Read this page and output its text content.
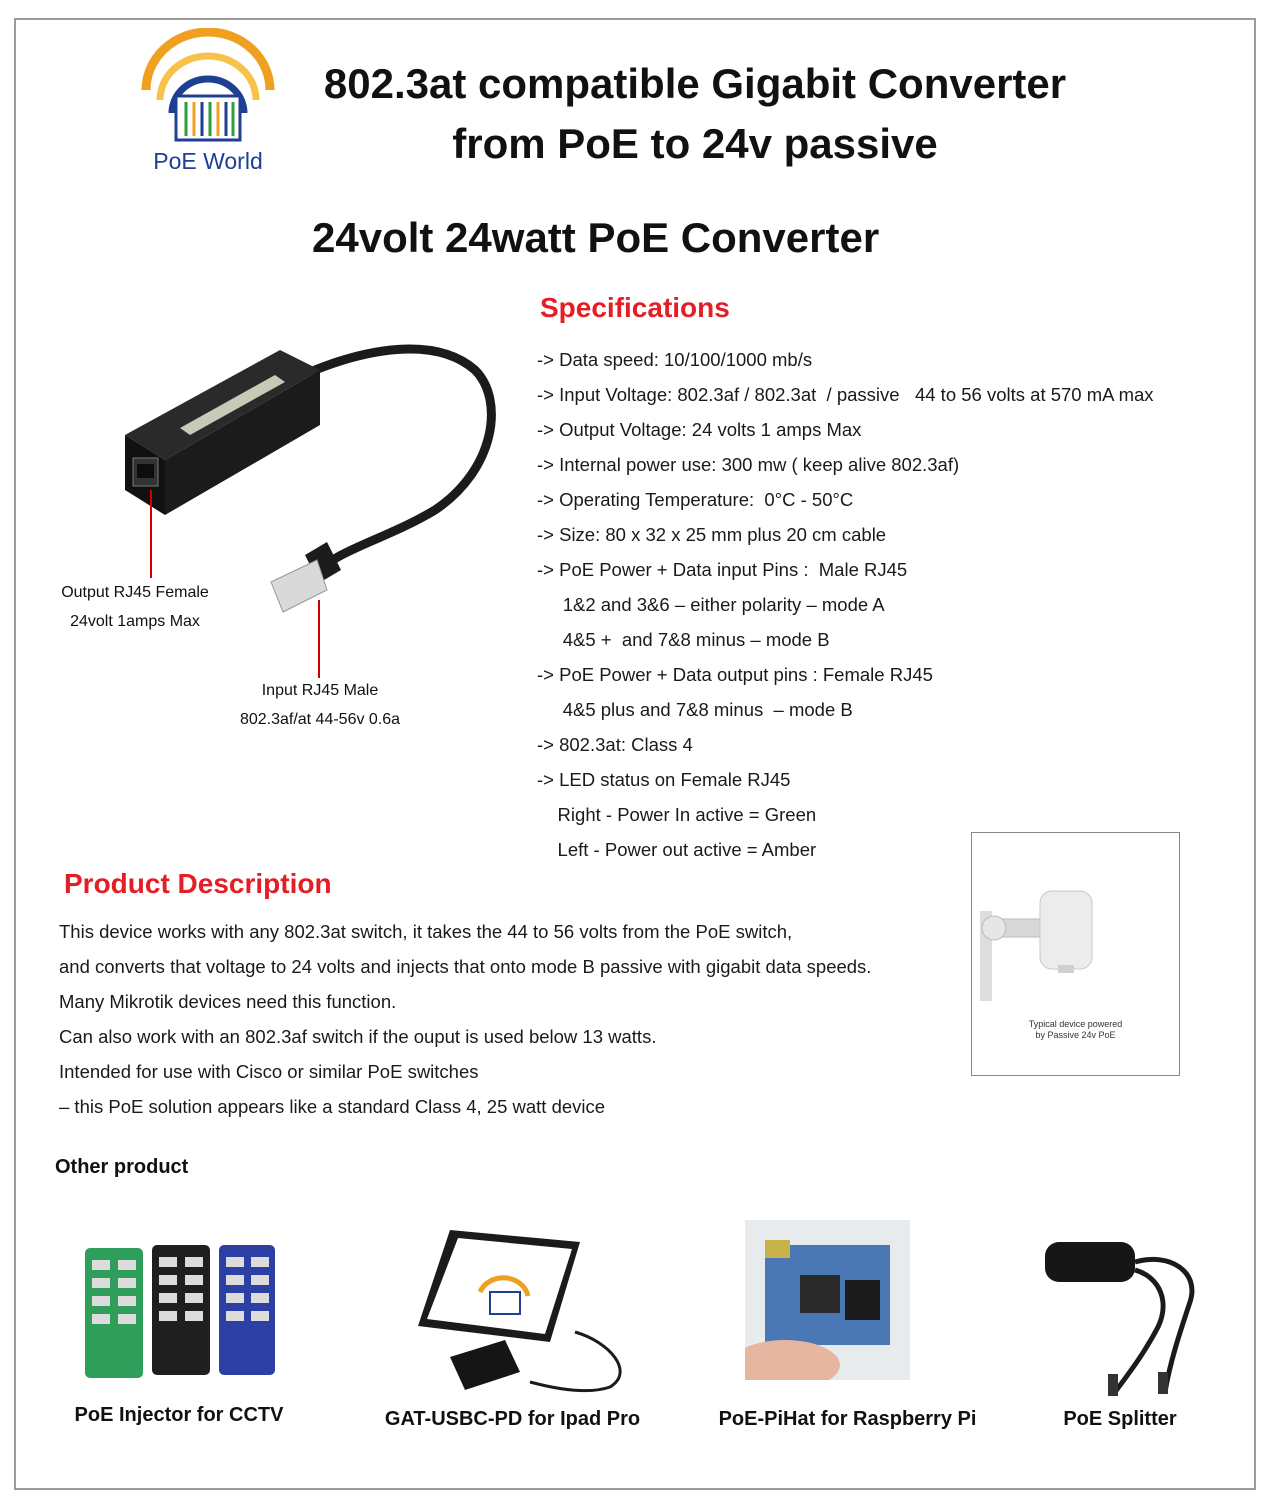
PoE World
802.3at compatible Gigabit Converter
from PoE to 24v passive
24volt 24watt PoE Converter
Output RJ45 Female
24volt 1amps Max
Input RJ45 Male
802.3af/at 44-56v 0.6a
Specifications
-> Data speed: 10/100/1000 mb/s
-> Input Voltage: 802.3af / 802.3at  / passive   44 to 56 volts at 570 mA max
-> Output Voltage: 24 volts 1 amps Max
-> Internal power use: 300 mw ( keep alive 802.3af)
-> Operating Temperature:  0°C - 50°C
-> Size: 80 x 32 x 25 mm plus 20 cm cable
-> PoE Power + Data input Pins :  Male RJ45
1&2 and 3&6 – either polarity – mode A
4&5 +  and 7&8 minus – mode B
-> PoE Power + Data output pins : Female RJ45
4&5 plus and 7&8 minus  – mode B
-> 802.3at: Class 4
-> LED status on Female RJ45
Right - Power In active = Green
Left - Power out active = Amber
Typical device powered
by Passive 24v PoE
Product Description
This device works with any 802.3at switch, it takes the 44 to 56 volts from the PoE switch,
and converts that voltage to 24 volts and injects that onto mode B passive with gigabit data speeds.
Many Mikrotik devices need this function.
Can also work with an 802.3af switch if the ouput is used below 13 watts.
Intended for use with Cisco or similar PoE switches
– this PoE solution appears like a standard Class 4, 25 watt device
Other product
PoE Injector for CCTV	GAT-USBC-PD for Ipad Pro	PoE-PiHat for Raspberry Pi	PoE Splitter
